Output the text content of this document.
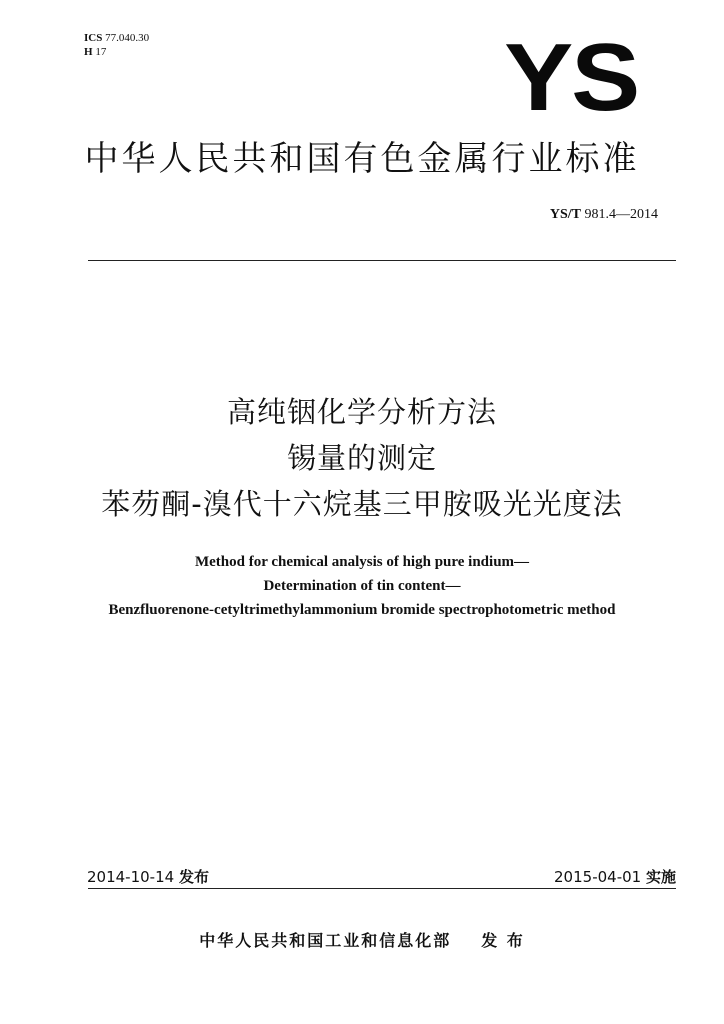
ICS 77.040.30
H 17	YS
中华人民共和国有色金属行业标准
YS/T 981.4—2014
高纯铟化学分析方法
锡量的测定
苯芴酮-溴代十六烷基三甲胺吸光光度法
Method for chemical analysis of high pure indium—
Determination of tin content—
Benzfluorenone-cetyltrimethylammonium bromide spectrophotometric method
2014-10-14 发布	2015-04-01 实施
中华人民共和国工业和信息化部 发 布
